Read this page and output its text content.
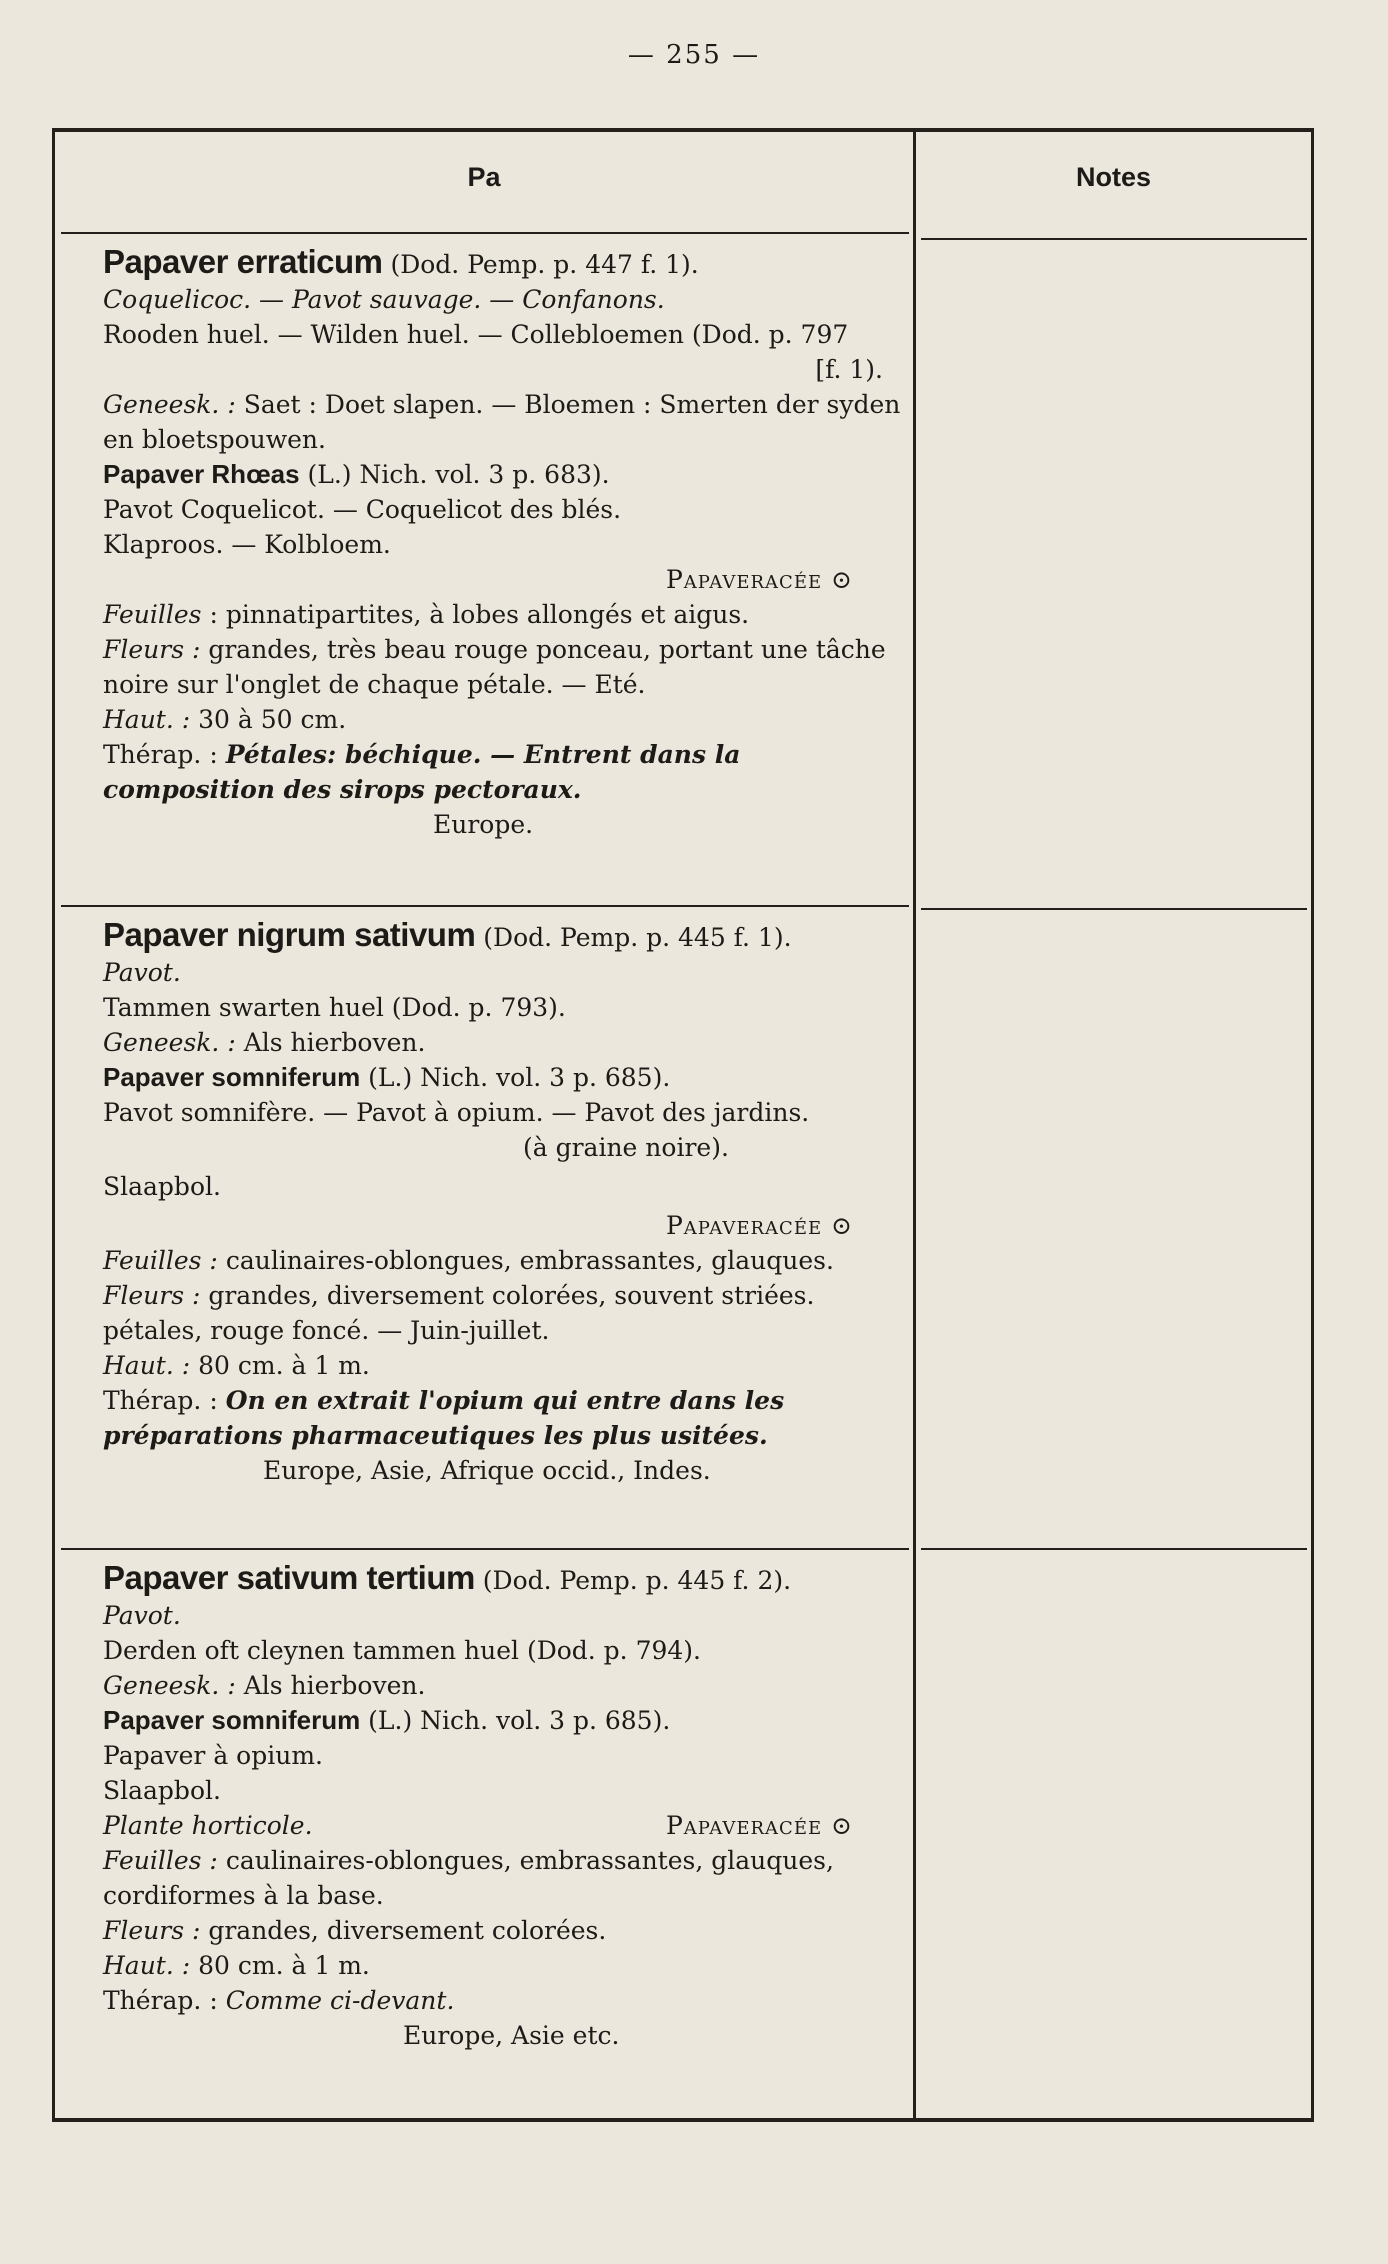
— 255 —
Pa	Notes

Papaver erraticum (Dod. Pemp. p. 447 f. 1).

Coquelicoc. — Pavot sauvage. — Confanons.

Rooden huel. — Wilden huel. — Collebloemen (Dod. p. 797

[f. 1).

Geneesk. : Saet : Doet slapen. — Bloemen : Smerten der syden en bloetspouwen.

Papaver Rhœas (L.) Nich. vol. 3 p. 683).

Pavot Coquelicot. — Coquelicot des blés.

Klaproos. — Kolbloem.

Papaveracée ⊙

Feuilles : pinnatipartites, à lobes allongés et aigus.

Fleurs : grandes, très beau rouge ponceau, portant une tâche noire sur l'onglet de chaque pétale. — Eté.

Haut. : 30 à 50 cm.

Thérap. : Pétales: béchique. — Entrent dans la composition des sirops pectoraux.

Europe.

Papaver nigrum sativum (Dod. Pemp. p. 445 f. 1).

Pavot.

Tammen swarten huel (Dod. p. 793).

Geneesk. : Als hierboven.

Papaver somniferum (L.) Nich. vol. 3 p. 685).

Pavot somnifère. — Pavot à opium. — Pavot des jardins.

(à graine noire).

Slaapbol.

Papaveracée ⊙

Feuilles : caulinaires-oblongues, embrassantes, glauques.

Fleurs : grandes, diversement colorées, souvent striées. pétales, rouge foncé. — Juin-juillet.

Haut. : 80 cm. à 1 m.

Thérap. : On en extrait l'opium qui entre dans les préparations pharmaceutiques les plus usitées.

Europe, Asie, Afrique occid., Indes.

Papaver sativum tertium (Dod. Pemp. p. 445 f. 2).

Pavot.

Derden oft cleynen tammen huel (Dod. p. 794).

Geneesk. : Als hierboven.

Papaver somniferum (L.) Nich. vol. 3 p. 685).

Papaver à opium.

Slaapbol.

Plante horticole.	Papaveracée ⊙

Feuilles : caulinaires-oblongues, embrassantes, glauques, cordiformes à la base.

Fleurs : grandes, diversement colorées.

Haut. : 80 cm. à 1 m.

Thérap. : Comme ci-devant.

Europe, Asie etc.
